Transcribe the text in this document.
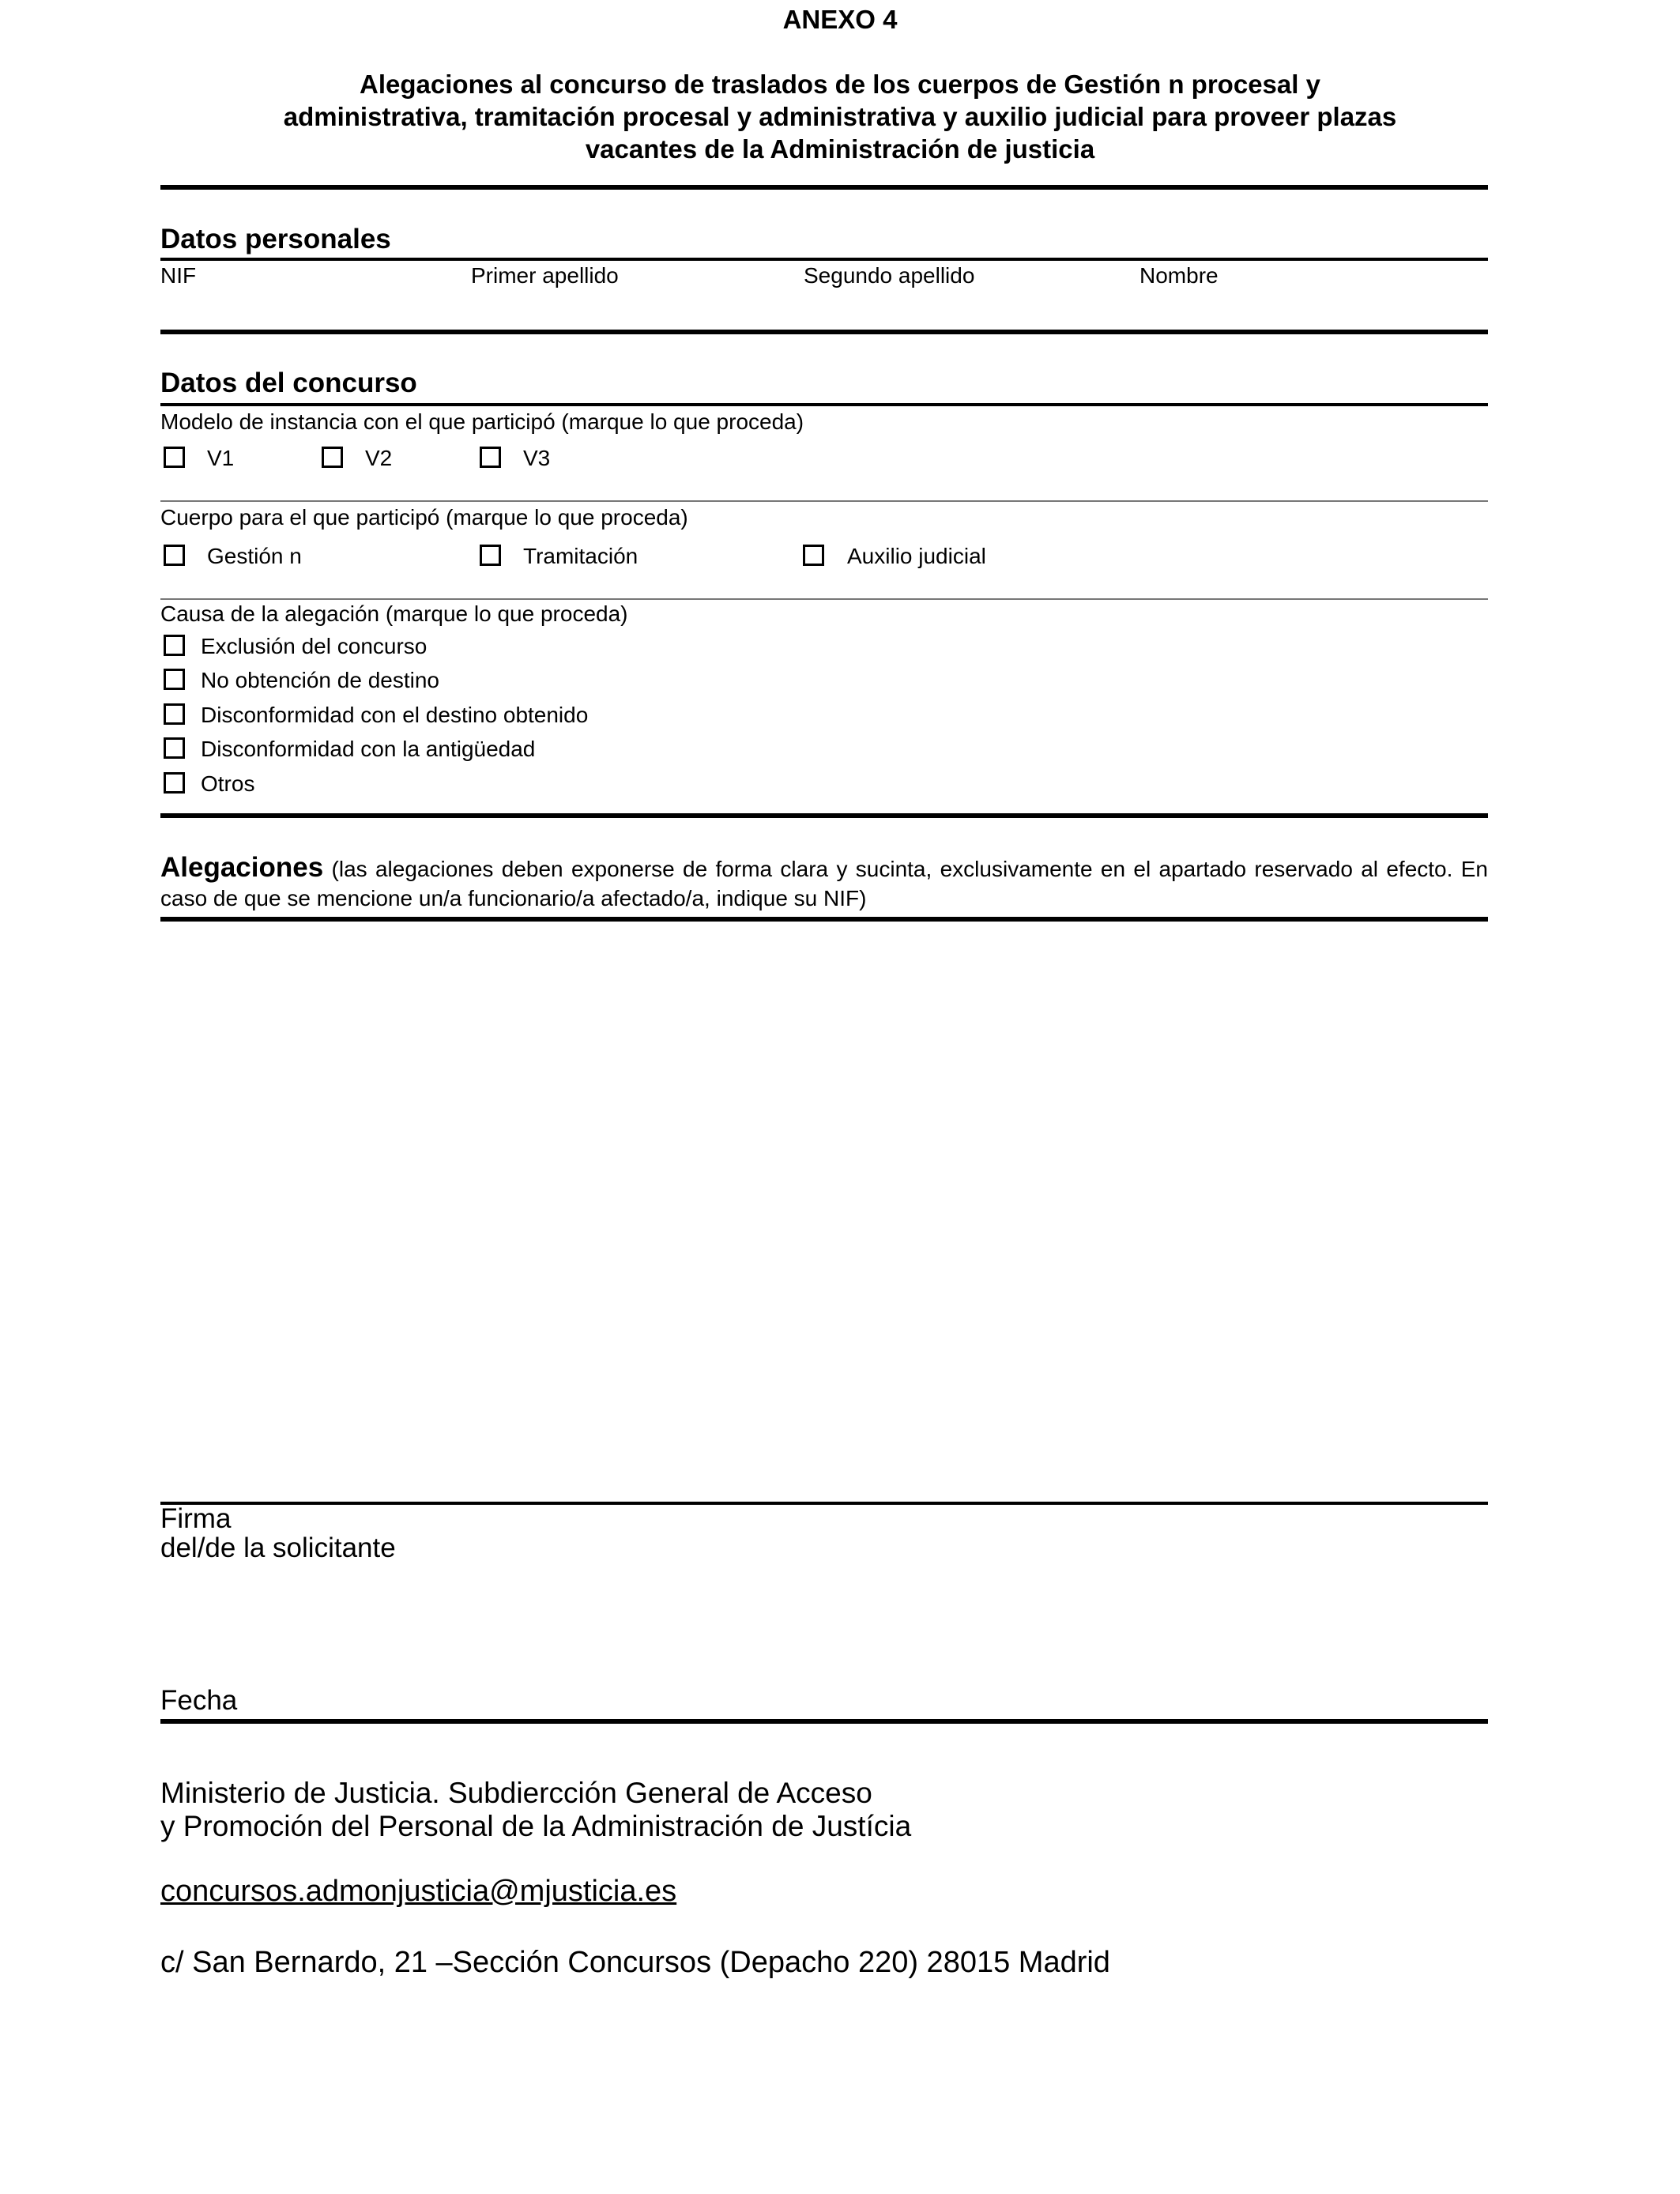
ANEXO 4
Alegaciones al concurso de traslados de los cuerpos de Gestión n procesal y
administrativa, tramitación procesal y administrativa y auxilio judicial para proveer plazas
vacantes de la Administración de justicia
Datos personales
NIF	Primer apellido	Segundo apellido	Nombre
Datos del concurso
Modelo de instancia con el que participó (marque lo que proceda)
V1	V2	V3
Cuerpo para el que participó (marque lo que proceda)
Gestión n	Tramitación	Auxilio judicial
Causa de la alegación (marque lo que proceda)
Exclusión del concurso
No obtención de destino
Disconformidad con el destino obtenido
Disconformidad con la antigüedad
Otros
Alegaciones (las alegaciones deben exponerse de forma clara y sucinta, exclusivamente en el apartado reservado al efecto. En caso de que se mencione un/a funcionario/a afectado/a, indique su NIF)
Firma
del/de la solicitante
Fecha
Ministerio de Justicia. Subdiercción General de Acceso
y Promoción del Personal de la Administración de Justícia
concursos.admonjusticia@mjusticia.es
c/ San Bernardo, 21 –Sección Concursos (Depacho 220) 28015 Madrid
